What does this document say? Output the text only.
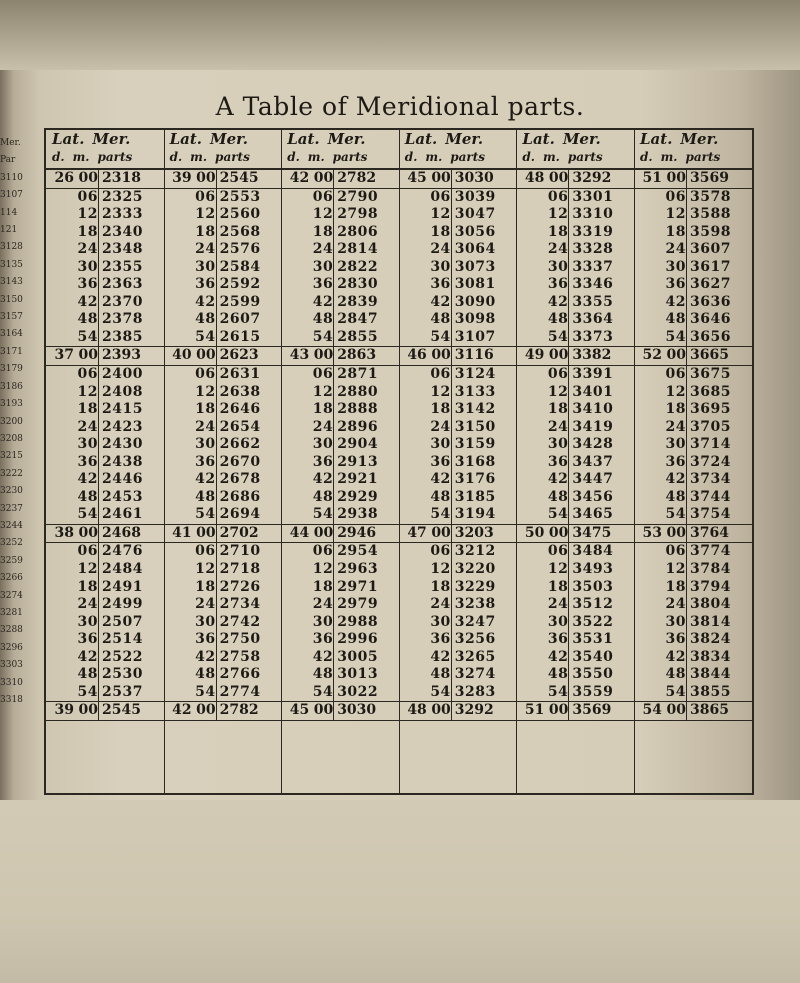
Mer.
Par
3110
3107
114
121
3128
3135
3143
3150
3157
3164
3171
3179
3186
3193
3200
3208
3215
3222
3230
3237
3244
3252
3259
3266
3274
3281
3288
3296
3303
3310
3318
A Table of Meridional parts.
Lat. Mer.
d. m. parts
26 00 2318
06 2325
12 2333
18 2340
24 2348
30 2355
36 2363
42 2370
48 2378
54 2385
37 00 2393
06 2400
12 2408
18 2415
24 2423
30 2430
36 2438
42 2446
48 2453
54 2461
38 00 2468
06 2476
12 2484
18 2491
24 2499
30 2507
36 2514
42 2522
48 2530
54 2537
39 00 2545
Lat. Mer.
d. m. parts
39 00 2545
06 2553
12 2560
18 2568
24 2576
30 2584
36 2592
42 2599
48 2607
54 2615
40 00 2623
06 2631
12 2638
18 2646
24 2654
30 2662
36 2670
42 2678
48 2686
54 2694
41 00 2702
06 2710
12 2718
18 2726
24 2734
30 2742
36 2750
42 2758
48 2766
54 2774
42 00 2782
Lat. Mer.
d. m. parts
42 00 2782
06 2790
12 2798
18 2806
24 2814
30 2822
36 2830
42 2839
48 2847
54 2855
43 00 2863
06 2871
12 2880
18 2888
24 2896
30 2904
36 2913
42 2921
48 2929
54 2938
44 00 2946
06 2954
12 2963
18 2971
24 2979
30 2988
36 2996
42 3005
48 3013
54 3022
45 00 3030
Lat. Mer.
d. m. parts
45 00 3030
06 3039
12 3047
18 3056
24 3064
30 3073
36 3081
42 3090
48 3098
54 3107
46 00 3116
06 3124
12 3133
18 3142
24 3150
30 3159
36 3168
42 3176
48 3185
54 3194
47 00 3203
06 3212
12 3220
18 3229
24 3238
30 3247
36 3256
42 3265
48 3274
54 3283
48 00 3292
Lat. Mer.
d. m. parts
48 00 3292
06 3301
12 3310
18 3319
24 3328
30 3337
36 3346
42 3355
48 3364
54 3373
49 00 3382
06 3391
12 3401
18 3410
24 3419
30 3428
36 3437
42 3447
48 3456
54 3465
50 00 3475
06 3484
12 3493
18 3503
24 3512
30 3522
36 3531
42 3540
48 3550
54 3559
51 00 3569
Lat. Mer.
d. m. parts
51 00 3569
06 3578
12 3588
18 3598
24 3607
30 3617
36 3627
42 3636
48 3646
54 3656
52 00 3665
06 3675
12 3685
18 3695
24 3705
30 3714
36 3724
42 3734
48 3744
54 3754
53 00 3764
06 3774
12 3784
18 3794
24 3804
30 3814
36 3824
42 3834
48 3844
54 3855
54 00 3865
